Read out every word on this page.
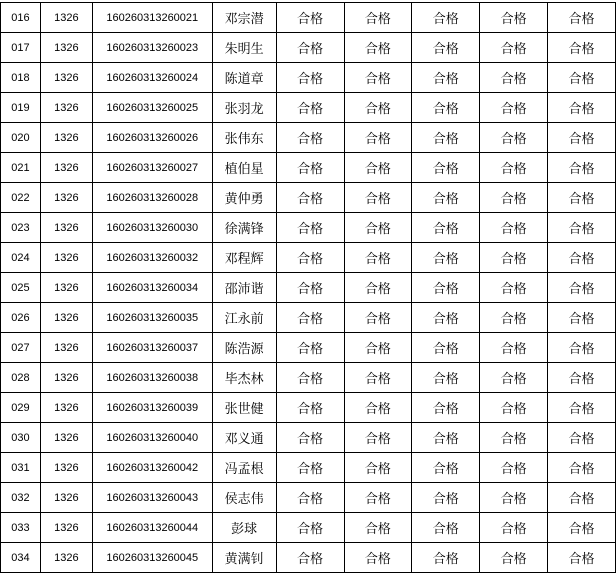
016	1326	160260313260021	邓宗潜	合格	合格	合格	合格	合格
017	1326	160260313260023	朱明生	合格	合格	合格	合格	合格
018	1326	160260313260024	陈道章	合格	合格	合格	合格	合格
019	1326	160260313260025	张羽龙	合格	合格	合格	合格	合格
020	1326	160260313260026	张伟东	合格	合格	合格	合格	合格
021	1326	160260313260027	植伯星	合格	合格	合格	合格	合格
022	1326	160260313260028	黄仲勇	合格	合格	合格	合格	合格
023	1326	160260313260030	徐满锋	合格	合格	合格	合格	合格
024	1326	160260313260032	邓程辉	合格	合格	合格	合格	合格
025	1326	160260313260034	邵沛谐	合格	合格	合格	合格	合格
026	1326	160260313260035	江永前	合格	合格	合格	合格	合格
027	1326	160260313260037	陈浩源	合格	合格	合格	合格	合格
028	1326	160260313260038	毕杰林	合格	合格	合格	合格	合格
029	1326	160260313260039	张世健	合格	合格	合格	合格	合格
030	1326	160260313260040	邓义通	合格	合格	合格	合格	合格
031	1326	160260313260042	冯孟根	合格	合格	合格	合格	合格
032	1326	160260313260043	侯志伟	合格	合格	合格	合格	合格
033	1326	160260313260044	彭球	合格	合格	合格	合格	合格
034	1326	160260313260045	黄满钊	合格	合格	合格	合格	合格
